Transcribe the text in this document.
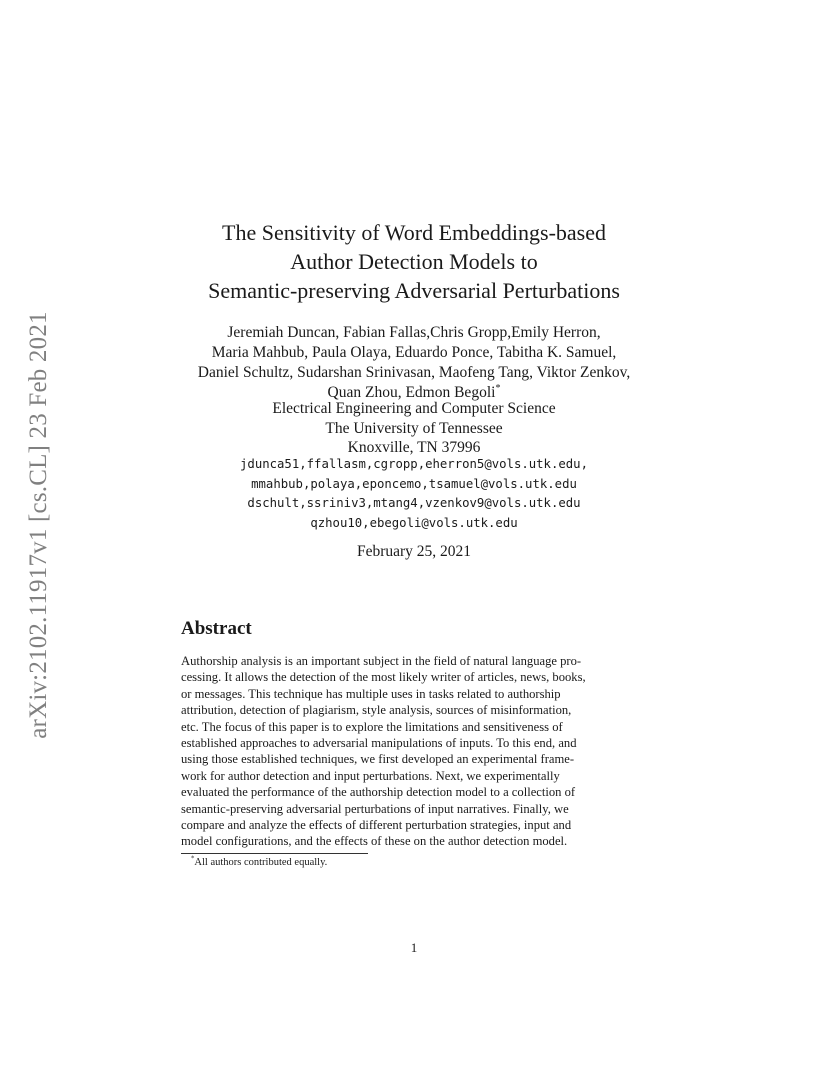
arXiv:2102.11917v1 [cs.CL] 23 Feb 2021
The Sensitivity of Word Embeddings-based
Author Detection Models to
Semantic-preserving Adversarial Perturbations
Jeremiah Duncan, Fabian Fallas,Chris Gropp,Emily Herron,
Maria Mahbub, Paula Olaya, Eduardo Ponce, Tabitha K. Samuel,
Daniel Schultz, Sudarshan Srinivasan, Maofeng Tang, Viktor Zenkov,
Quan Zhou, Edmon Begoli*
Electrical Engineering and Computer Science
The University of Tennessee
Knoxville, TN 37996
jdunca51,ffallasm,cgropp,eherron5@vols.utk.edu,
mmahbub,polaya,eponcemo,tsamuel@vols.utk.edu
dschult,ssriniv3,mtang4,vzenkov9@vols.utk.edu
qzhou10,ebegoli@vols.utk.edu
February 25, 2021
Abstract
Authorship analysis is an important subject in the field of natural language pro-
cessing. It allows the detection of the most likely writer of articles, news, books,
or messages. This technique has multiple uses in tasks related to authorship
attribution, detection of plagiarism, style analysis, sources of misinformation,
etc. The focus of this paper is to explore the limitations and sensitiveness of
established approaches to adversarial manipulations of inputs. To this end, and
using those established techniques, we first developed an experimental frame-
work for author detection and input perturbations. Next, we experimentally
evaluated the performance of the authorship detection model to a collection of
semantic-preserving adversarial perturbations of input narratives. Finally, we
compare and analyze the effects of different perturbation strategies, input and
model configurations, and the effects of these on the author detection model.
*All authors contributed equally.
1
